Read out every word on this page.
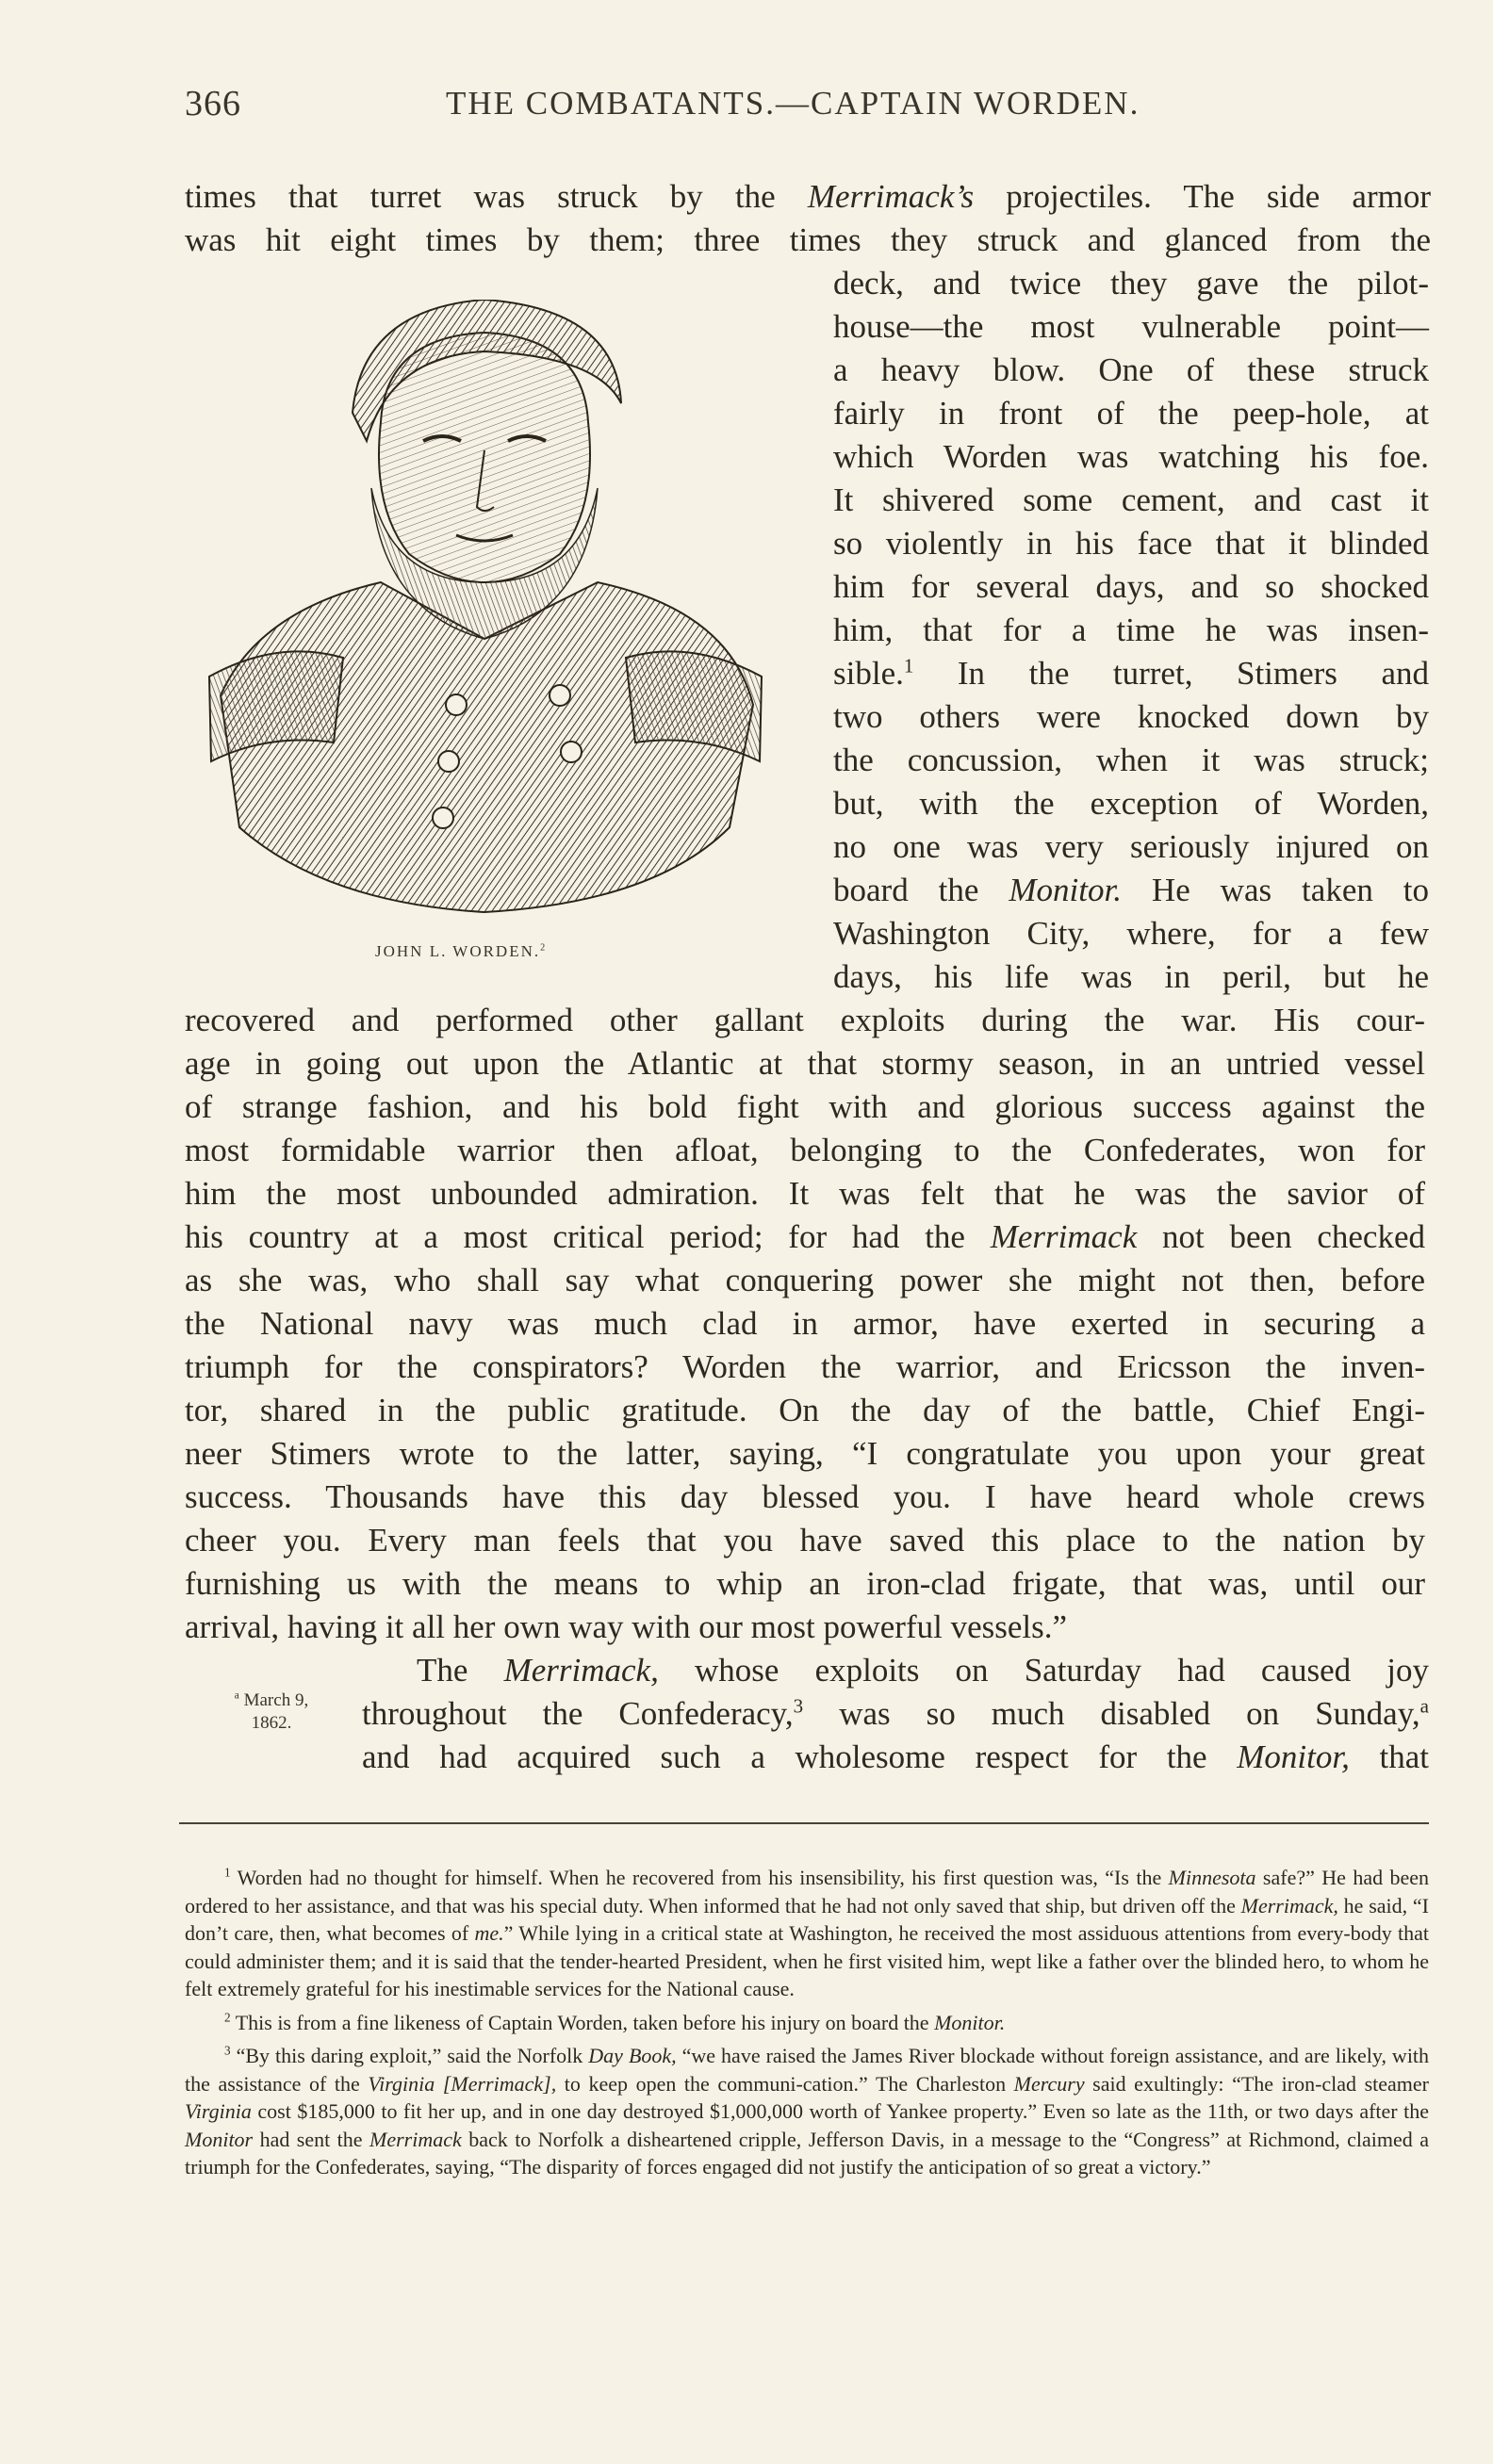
366	THE COMBATANTS.—CAPTAIN WORDEN.
JOHN L. WORDEN.$^2$
times that turret was struck by the Merrimack’s projectiles. The side armor
was hit eight times by them; three times they struck and glanced from the
deck, and twice they gave the pilot-
house—the most vulnerable point—
a heavy blow. One of these struck
fairly in front of the peep-hole, at
which Worden was watching his foe.
It shivered some cement, and cast it
so violently in his face that it blinded
him for several days, and so shocked
him, that for a time he was insen-
sible.$^1$ In the turret, Stimers and
two others were knocked down by
the concussion, when it was struck;
but, with the exception of Worden,
no one was very seriously injured on
board the Monitor. He was taken to
Washington City, where, for a few
days, his life was in peril, but he
recovered and performed other gallant exploits during the war. His cour-
age in going out upon the Atlantic at that stormy season, in an untried vessel
of strange fashion, and his bold fight with and glorious success against the
most formidable warrior then afloat, belonging to the Confederates, won for
him the most unbounded admiration. It was felt that he was the savior of
his country at a most critical period; for had the Merrimack not been checked
as she was, who shall say what conquering power she might not then, before
the National navy was much clad in armor, have exerted in securing a
triumph for the conspirators? Worden the warrior, and Ericsson the inven-
tor, shared in the public gratitude. On the day of the battle, Chief Engi-
neer Stimers wrote to the latter, saying, “I congratulate you upon your great
success. Thousands have this day blessed you. I have heard whole crews
cheer you. Every man feels that you have saved this place to the nation by
furnishing us with the means to whip an iron-clad frigate, that was, until our
arrival, having it all her own way with our most powerful vessels.”
The Merrimack, whose exploits on Saturday had caused joy
throughout the Confederacy,$^3$ was so much disabled on Sunday,$^a$
and had acquired such a wholesome respect for the Monitor, that
$^a$ March 9,
1862.

$^1$ Worden had no thought for himself. When he recovered from his insensibility, his first question was, “Is the Minnesota safe?” He had been ordered to her assistance, and that was his special duty. When informed that he had not only saved that ship, but driven off the Merrimack, he said, “I don’t care, then, what becomes of me.” While lying in a critical state at Washington, he received the most assiduous attentions from every-body that could administer them; and it is said that the tender-hearted President, when he first visited him, wept like a father over the blinded hero, to whom he felt extremely grateful for his inestimable services for the National cause.

$^2$ This is from a fine likeness of Captain Worden, taken before his injury on board the Monitor.

$^3$ “By this daring exploit,” said the Norfolk Day Book, “we have raised the James River blockade without foreign assistance, and are likely, with the assistance of the Virginia [Merrimack], to keep open the communi-cation.” The Charleston Mercury said exultingly: “The iron-clad steamer Virginia cost $185,000 to fit her up, and in one day destroyed $1,000,000 worth of Yankee property.” Even so late as the 11th, or two days after the Monitor had sent the Merrimack back to Norfolk a disheartened cripple, Jefferson Davis, in a message to the “Congress” at Richmond, claimed a triumph for the Confederates, saying, “The disparity of forces engaged did not justify the anticipation of so great a victory.”
